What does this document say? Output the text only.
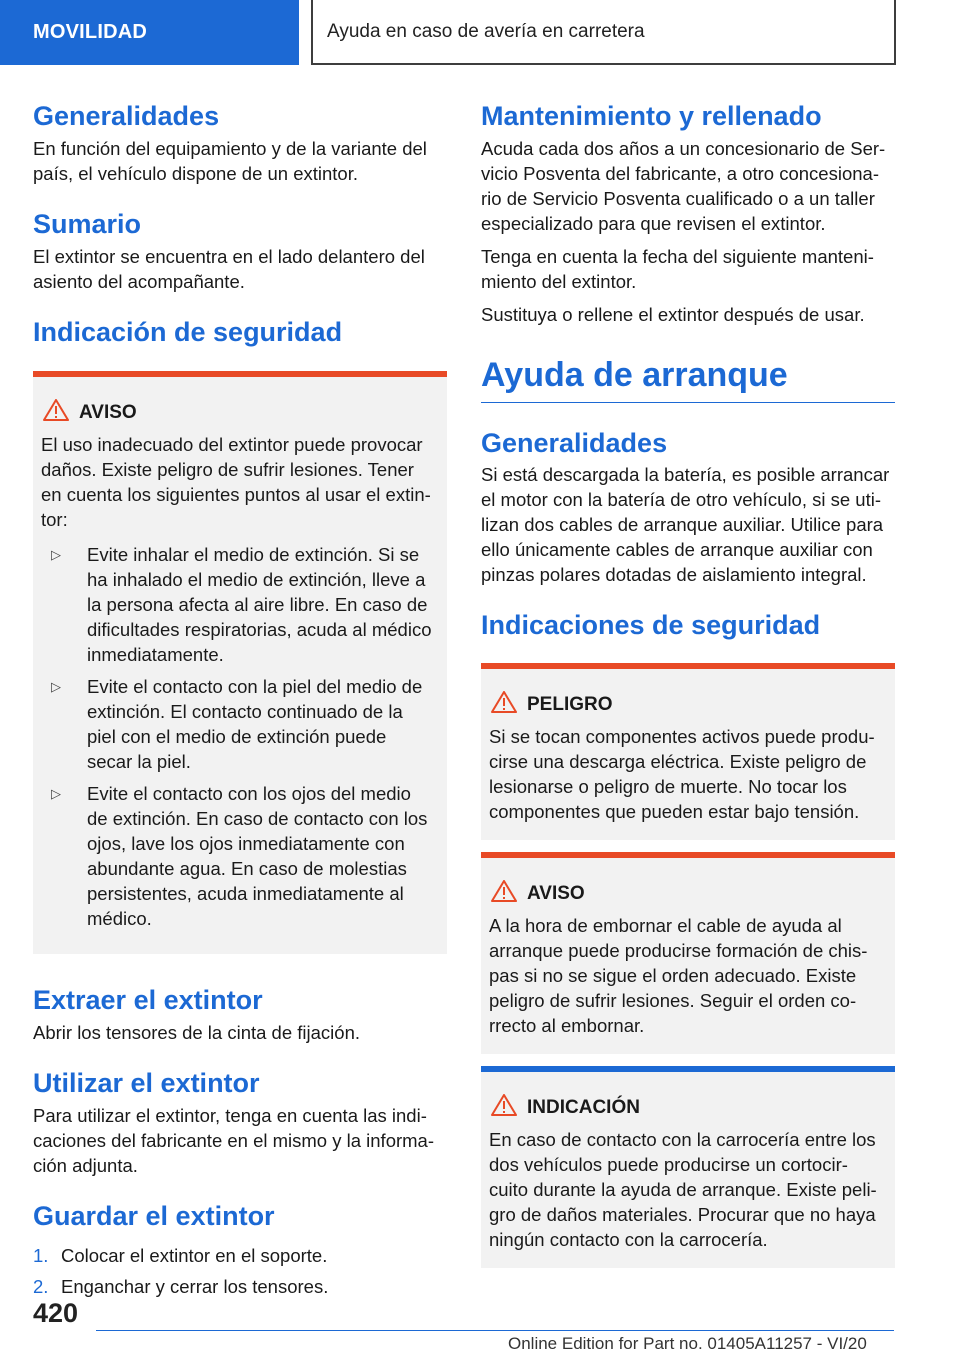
MOVILIDAD	Ayuda en caso de avería en carretera
Generalidades

En función del equipamiento y de la variante del país, el vehículo dispone de un extintor.

Sumario

El extintor se encuentra en el lado delantero del asiento del acompañante.

Indicación de seguridad
AVISO

El uso inadecuado del extintor puede provocar daños. Existe peligro de sufrir lesiones. Tener en cuenta los siguientes puntos al usar el extin-tor:

▷	Evite inhalar el medio de extinción. Si se ha inhalado el medio de extinción, lleve a la persona afecta al aire libre. En caso de dificultades respiratorias, acuda al médico inmediatamente.
▷	Evite el contacto con la piel del medio de extinción. El contacto continuado de la piel con el medio de extinción puede secar la piel.
▷	Evite el contacto con los ojos del medio de extinción. En caso de contacto con los ojos, lave los ojos inmediatamente con abundante agua. En caso de molestias persistentes, acuda inmediatamente al médico.
Extraer el extintor

Abrir los tensores de la cinta de fijación.

Utilizar el extintor

Para utilizar el extintor, tenga en cuenta las indi-caciones del fabricante en el mismo y la informa-ción adjunta.

Guardar el extintor
1. Colocar el extintor en el soporte.
2. Enganchar y cerrar los tensores.
Mantenimiento y rellenado

Acuda cada dos años a un concesionario de Ser-vicio Posventa del fabricante, a otro concesiona-rio de Servicio Posventa cualificado o a un taller especializado para que revisen el extintor.

Tenga en cuenta la fecha del siguiente manteni-miento del extintor.

Sustituya o rellene el extintor después de usar.

Ayuda de arranque
Generalidades

Si está descargada la batería, es posible arrancar el motor con la batería de otro vehículo, si se uti-lizan dos cables de arranque auxiliar. Utilice para ello únicamente cables de arranque auxiliar con pinzas polares dotadas de aislamiento integral.

Indicaciones de seguridad
PELIGRO

Si se tocan componentes activos puede produ-cirse una descarga eléctrica. Existe peligro de lesionarse o peligro de muerte. No tocar los componentes que pueden estar bajo tensión.

AVISO

A la hora de embornar el cable de ayuda al arranque puede producirse formación de chis-pas si no se sigue el orden adecuado. Existe peligro de sufrir lesiones. Seguir el orden co-rrecto al embornar.

INDICACIÓN

En caso de contacto con la carrocería entre los dos vehículos puede producirse un cortocir-cuito durante la ayuda de arranque. Existe peli-gro de daños materiales. Procurar que no haya ningún contacto con la carrocería.

420
Online Edition for Part no. 01405A11257 - VI/20
